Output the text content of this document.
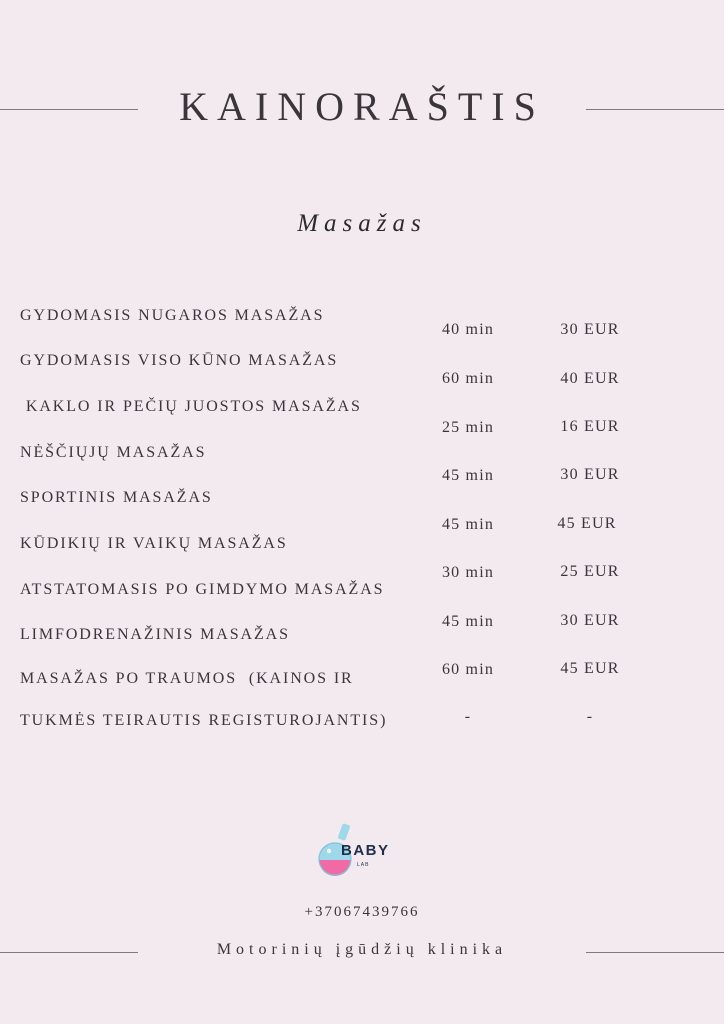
KAINORAŠTIS
Masažas
GYDOMASIS NUGAROS MASAŽAS
GYDOMASIS VISO KŪNO MASAŽAS
KAKLO IR PEČIŲ JUOSTOS MASAŽAS
NĖŠČIŲJŲ MASAŽAS
SPORTINIS MASAŽAS
KŪDIKIŲ IR VAIKŲ MASAŽAS
ATSTATOMASIS PO GIMDYMO MASAŽAS
LIMFODRENAŽINIS MASAŽAS
MASAŽAS PO TRAUMOS  (KAINOS IR
TUKMĖS TEIRAUTIS REGISTUROJANTIS)
40 min
60 min
25 min
45 min
45 min
30 min
45 min
60 min
-
30 EUR
40 EUR
16 EUR
30 EUR
45 EUR
25 EUR
30 EUR
45 EUR
-
BABY
LAB
+37067439766
Motorinių įgūdžių klinika
